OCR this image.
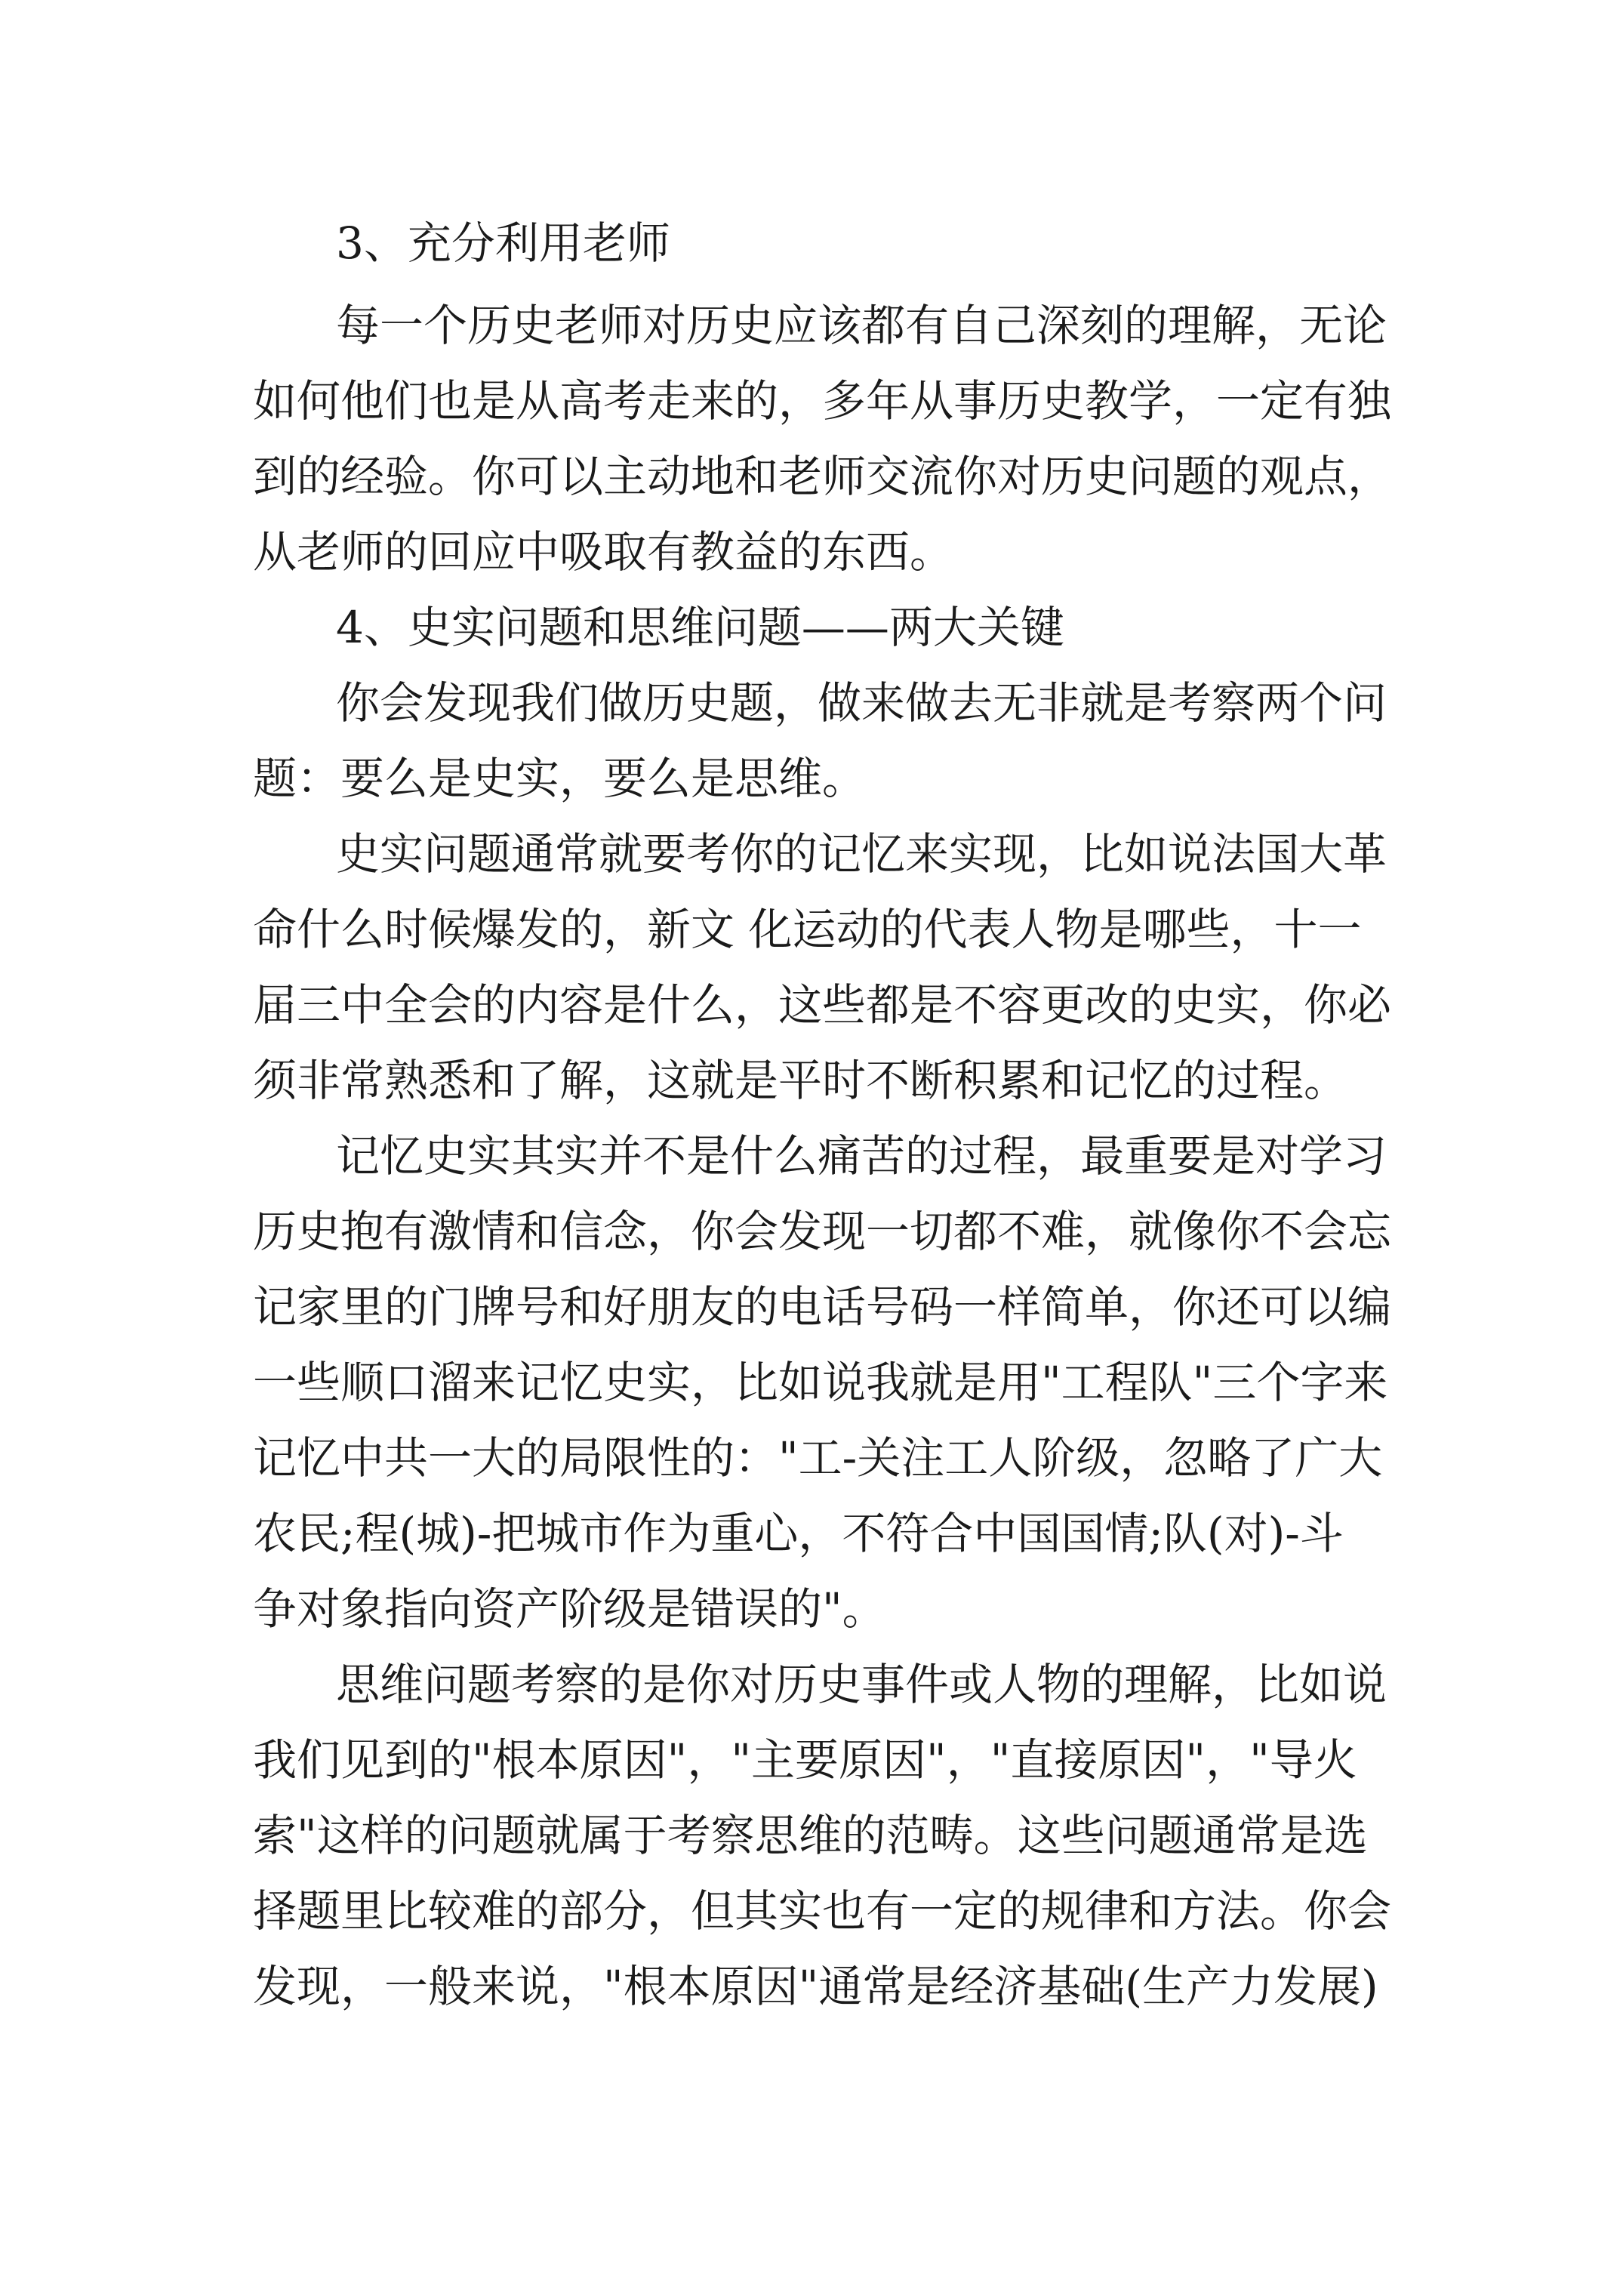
3、充分利用老师
每一个历史老师对历史应该都有自己深刻的理解，无论
如何他们也是从高考走来的，多年从事历史教学，一定有独
到的经验。你可以主动地和老师交流你对历史问题的观点，
从老师的回应中吸取有教益的东西。
4、史实问题和思维问题——两大关键
你会发现我们做历史题，做来做去无非就是考察两个问
题：要么是史实，要么是思维。
史实问题通常就要考你的记忆来实现，比如说法国大革
命什么时候爆发的，新文 化运动的代表人物是哪些，十一
届三中全会的内容是什么，这些都是不容更改的史实，你必
须非常熟悉和了解，这就是平时不断积累和记忆的过程。
记忆史实其实并不是什么痛苦的过程，最重要是对学习
历史抱有激情和信念，你会发现一切都不难，就像你不会忘
记家里的门牌号和好朋友的电话号码一样简单，你还可以编
一些顺口溜来记忆史实，比如说我就是用"工程队"三个字来
记忆中共一大的局限性的："工-关注工人阶级，忽略了广大
农民;程(城)-把城市作为重心，不符合中国国情;队(对)-斗
争对象指向资产阶级是错误的"。
思维问题考察的是你对历史事件或人物的理解，比如说
我们见到的"根本原因"，"主要原因"，"直接原因"，"导火
索"这样的问题就属于考察思维的范畴。这些问题通常是选
择题里比较难的部分，但其实也有一定的规律和方法。你会
发现，一般来说，"根本原因"通常是经济基础(生产力发展)
